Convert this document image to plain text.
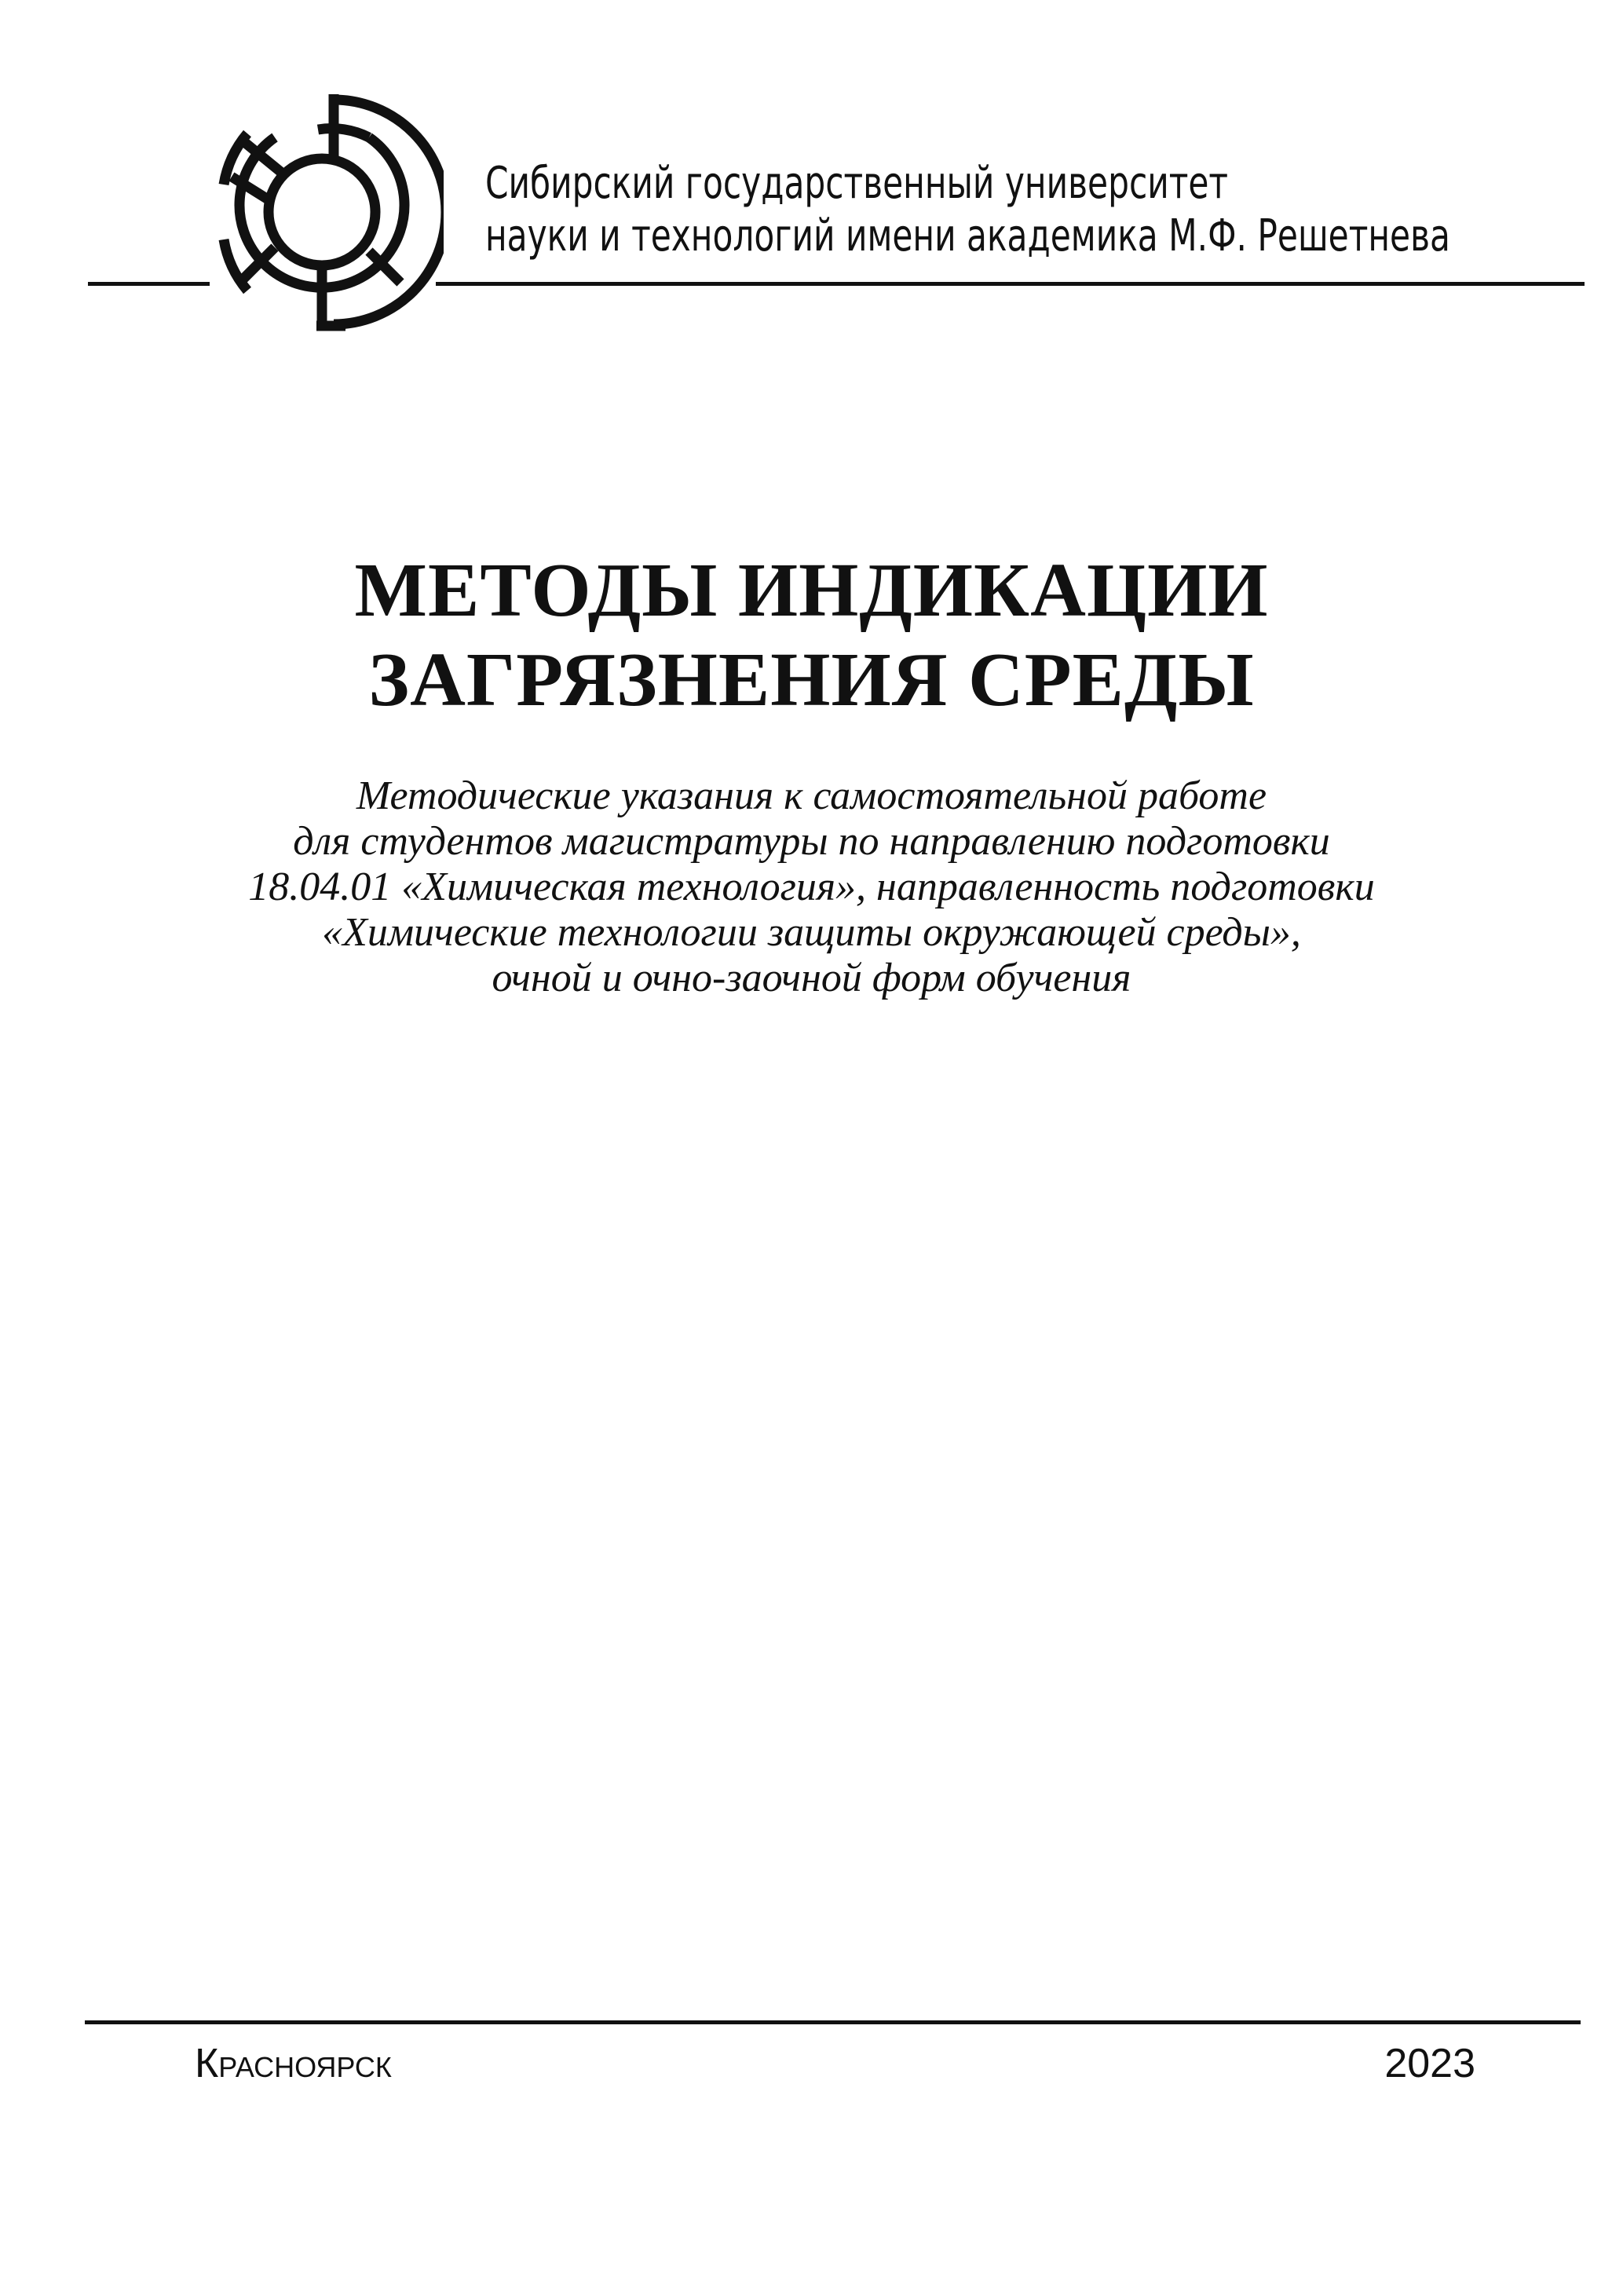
Сибирский государственный университет
науки и технологий имени академика М.Ф. Решетнева
МЕТОДЫ ИНДИКАЦИИ
ЗАГРЯЗНЕНИЯ СРЕДЫ
Методические указания к самостоятельной работе
для студентов магистратуры по направлению подготовки
18.04.01 «Химическая технология», направленность подготовки
«Химические технологии защиты окружающей среды»,
очной и очно-заочной форм обучения
Красноярск	2023
